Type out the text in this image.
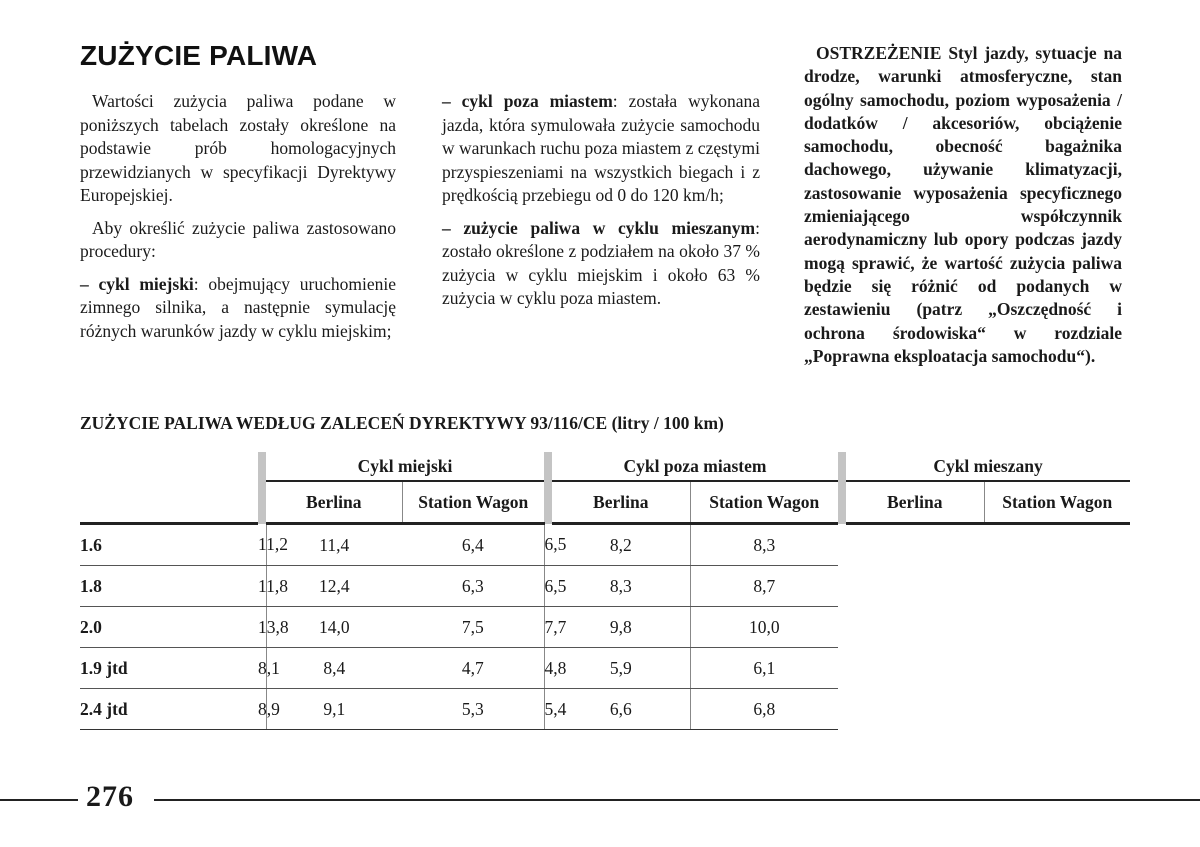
ZUŻYCIE PALIWA

Wartości zużycia paliwa podane w poniższych tabelach zostały określone na podstawie prób homologacyjnych przewidzianych w specyfikacji Dyrektywy Europejskiej.

Aby określić zużycie paliwa zastosowano procedury:

– cykl miejski: obejmujący uruchomienie zimnego silnika, a następnie symulację różnych warunków jazdy w cyklu miejskim;

– cykl poza miastem: została wykonana jazda, która symulowała zużycie samochodu w warunkach ruchu poza miastem z częstymi przyspieszeniami na wszystkich biegach i z prędkością przebiegu od 0 do 120 km/h;

– zużycie paliwa w cyklu mieszanym: zostało określone z podziałem na około 37 % zużycia w cyklu miejskim i około 63 % zużycia w cyklu poza miastem.

OSTRZEŻENIE Styl jazdy, sytuacje na drodze, warunki atmosferyczne, stan ogólny samochodu, poziom wyposażenia / dodatków / akcesoriów, obciążenie samochodu, obecność bagażnika dachowego, używanie klimatyzacji, zastosowanie wyposażenia specyficznego zmieniającego współczynnik aerodynamiczny lub opory podczas jazdy mogą sprawić, że wartość zużycia paliwa będzie się różnić od podanych w zestawieniu (patrz „Oszczędność i ochrona środowiska“ w rozdziale „Poprawna eksploatacja samochodu“).

ZUŻYCIE PALIWA WEDŁUG ZALECEŃ DYREKTYWY 93/116/CE (litry / 100 km)

		Cykl miejski			Cykl poza miastem			Cykl mieszany	
		Berlina	Station Wagon		Berlina	Station Wagon		Berlina	Station Wagon
1.6	11,2	11,4	6,4	6,5	8,2	8,3			
1.8	11,8	12,4	6,3	6,5	8,3	8,7			
2.0	13,8	14,0	7,5	7,7	9,8	10,0			
1.9 jtd	8,1	8,4	4,7	4,8	5,9	6,1			
2.4 jtd	8,9	9,1	5,3	5,4	6,6	6,8			

276
